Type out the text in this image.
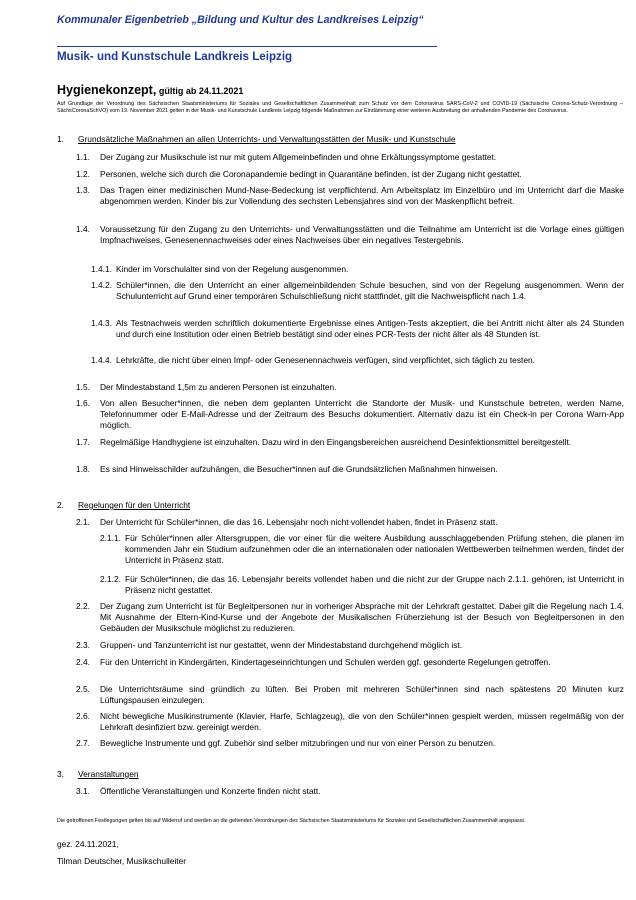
Kommunaler Eigenbetrieb „Bildung und Kultur des Landkreises Leipzig“
Musik- und Kunstschule Landkreis Leipzig
Hygienekonzept, gültig ab 24.11.2021
Auf Grundlage der Verordnung des Sächsischen Staatsministeriums für Soziales und Gesellschaftlichen Zusammenhalt zum Schutz vor dem Coronavirus SARS-CoV-2 und COVID-19 (Sächsische Corona-Schutz-Verordnung –SächsCoronaSchVO) vom 19. November 2021 gelten in der Musik- und Kunstschule Landkreis Leipzig folgende Maßnahmen zur Eindämmung einer weiteren Ausbreitung der anhaltenden Pandemie des Coronavirus.
1. Grundsätzliche Maßnahmen an allen Unterrichts- und Verwaltungsstätten der Musik- und Kunstschule
1.1.	Der Zugang zur Musikschule ist nur mit gutem Allgemeinbefinden und ohne Erkältungssymptome gestattet.
1.2.	Personen, welche sich durch die Coronapandemie bedingt in Quarantäne befinden, ist der Zugang nicht gestattet.
1.3.	Das Tragen einer medizinischen Mund-Nase-Bedeckung ist verpflichtend. Am Arbeitsplatz im Einzelbüro und im Unterricht darf die Maske abgenommen werden. Kinder bis zur Vollendung des sechsten Lebensjahres sind von der Maskenpflicht befreit.
1.4.	Voraussetzung für den Zugang zu den Unterrichts- und Verwaltungsstätten und die Teilnahme am Unterricht ist die Vorlage eines gültigen Impfnachweises, Genesenennachweises oder eines Nachweises über ein negatives Testergebnis.
1.4.1. Kinder im Vorschulalter sind von der Regelung ausgenommen.
1.4.2. Schüler*innen, die den Unterricht an einer allgemeinbildenden Schule besuchen, sind von der Regelung ausgenommen. Wenn der Schulunterricht auf Grund einer temporären Schulschließung nicht stattfindet, gilt die Nachweispflicht nach 1.4.
1.4.3. Als Testnachweis werden schriftlich dokumentierte Ergebnisse eines Antigen-Tests akzeptiert, die bei Antritt nicht älter als 24 Stunden und durch eine Institution oder einen Betrieb bestätigt sind oder eines PCR-Tests der nicht älter als 48 Stunden ist.
1.4.4. Lehrkräfte, die nicht über einen Impf- oder Genesenennachweis verfügen, sind verpflichtet, sich täglich zu testen.
1.5.	Der Mindestabstand 1,5m zu anderen Personen ist einzuhalten.
1.6.	Von allen Besucher*innen, die neben dem geplanten Unterricht die Standorte der Musik- und Kunstschule betreten, werden Name, Telefonnummer oder E-Mail-Adresse und der Zeitraum des Besuchs dokumentiert. Alternativ dazu ist ein Check-in per Corona Warn-App möglich.
1.7.	Regelmäßige Handhygiene ist einzuhalten. Dazu wird in den Eingangsbereichen ausreichend Desinfektionsmittel bereitgestellt.
1.8.	Es sind Hinweisschilder aufzuhängen, die Besucher*innen auf die Grundsätzlichen Maßnahmen hinweisen.
2. Regelungen für den Unterricht
2.1.	Der Unterricht für Schüler*innen, die das 16. Lebensjahr noch nicht vollendet haben, findet in Präsenz statt.
2.1.1. Für Schüler*innen aller Altersgruppen, die vor einer für die weitere Ausbildung ausschlaggebenden Prüfung stehen, die planen im kommenden Jahr ein Studium aufzunehmen oder die an internationalen oder nationalen Wettbewerben teilnehmen werden, findet der Unterricht in Präsenz statt.
2.1.2. Für Schüler*innen, die das 16. Lebensjahr bereits vollendet haben und die nicht zur der Gruppe nach 2.1.1. gehören, ist Unterricht in Präsenz nicht gestattet.
2.2.	Der Zugang zum Unterricht ist für Begleitpersonen nur in vorheriger Absprache mit der Lehrkraft gestattet. Dabei gilt die Regelung nach 1.4. Mit Ausnahme der Eltern-Kind-Kurse und der Angebote der Musikalischen Früherziehung ist der Besuch von Begleitpersonen in den Gebäuden der Musikschule möglichst zu reduzieren.
2.3.	Gruppen- und Tanzunterricht ist nur gestattet, wenn der Mindestabstand durchgehend möglich ist.
2.4.	Für den Unterricht in Kindergärten, Kindertageseinrichtungen und Schulen werden ggf. gesonderte Regelungen getroffen.
2.5.	Die Unterrichtsräume sind gründlich zu lüften. Bei Proben mit mehreren Schüler*innen sind nach spätestens 20 Minuten kurz Lüftungspausen einzulegen.
2.6.	Nicht bewegliche Musikinstrumente (Klavier, Harfe, Schlagzeug), die von den Schüler*innen gespielt werden, müssen regelmäßig von der Lehrkraft desinfiziert bzw. gereinigt werden.
2.7.	Bewegliche Instrumente und ggf. Zubehör sind selber mitzubringen und nur von einer Person zu benutzen.
3. Veranstaltungen
3.1.	Öffentliche Veranstaltungen und Konzerte finden nicht statt.
Die getroffenen Festlegungen gelten bis auf Widerruf und werden an die geltenden Verordnungen des Sächsischen Staatsministeriums für Soziales und Gesellschaftlichen Zusammenhalt angepasst.
gez. 24.11.2021,
Tilman Deutscher, Musikschulleiter
